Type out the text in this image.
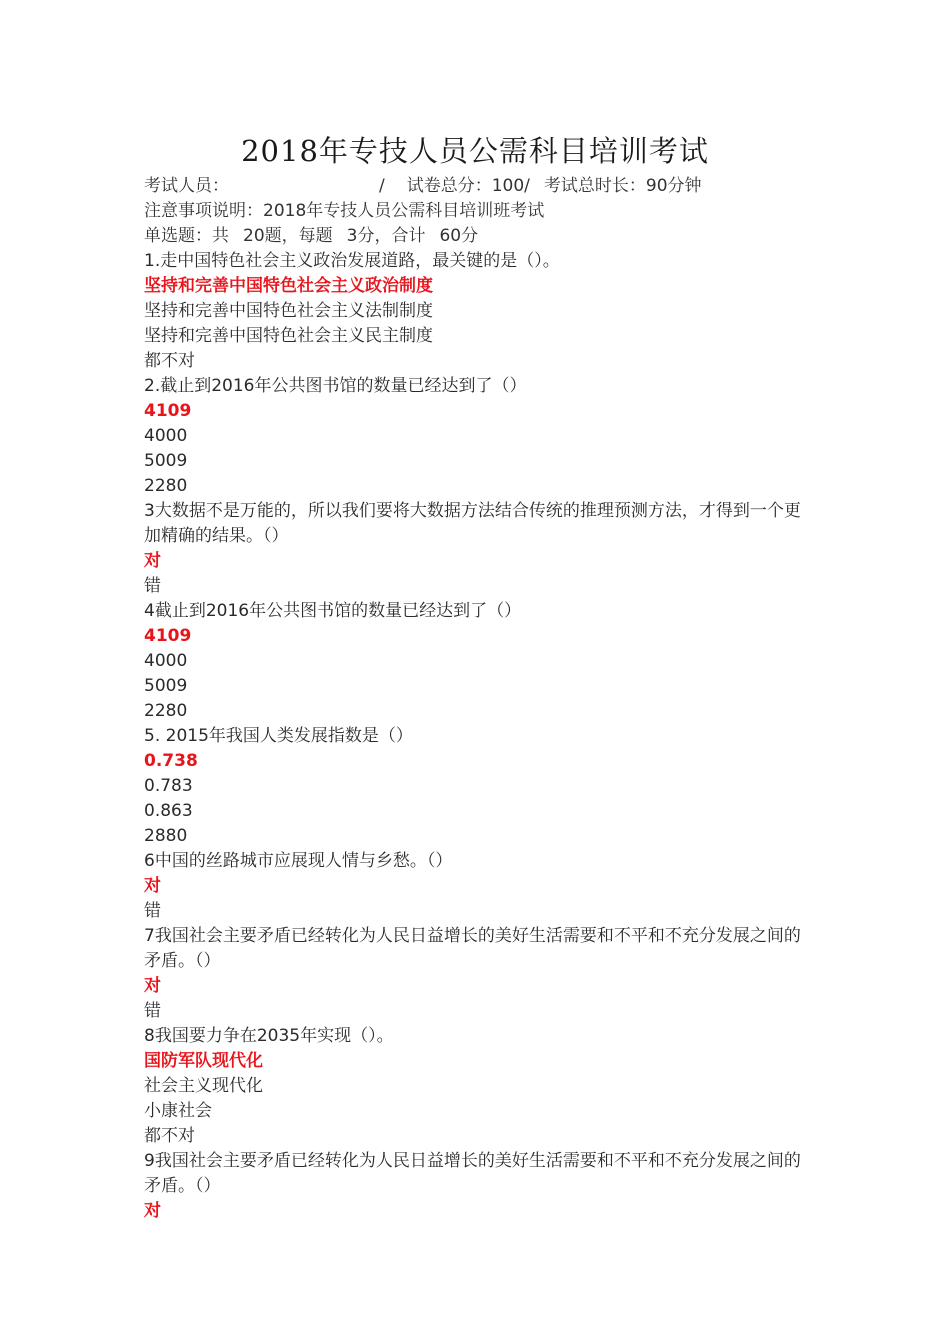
2018年专技人员公需科目培训考试
考试人员：	/ 试卷总分：100/ 考试总时长：90分钟
注意事项说明：2018年专技人员公需科目培训班考试
单选题：共 20题，每题 3分，合计 60分
1.走中国特色社会主义政治发展道路，最关键的是（）。
坚持和完善中国特色社会主义政治制度
坚持和完善中国特色社会主义法制制度
坚持和完善中国特色社会主义民主制度
都不对
2.截止到2016年公共图书馆的数量已经达到了（）
4109
4000
5009
2280
3大数据不是万能的，所以我们要将大数据方法结合传统的推理预测方法，才得到一个更加精确的结果。（）
对
错
4截止到2016年公共图书馆的数量已经达到了（）
4109
4000
5009
2280
5. 2015年我国人类发展指数是（）
0.738
0.783
0.863
2880
6中国的丝路城市应展现人情与乡愁。（）
对
错
7我国社会主要矛盾已经转化为人民日益增长的美好生活需要和不平和不充分发展之间的矛盾。（）
对
错
8我国要力争在2035年实现（）。
国防军队现代化
社会主义现代化
小康社会
都不对
9我国社会主要矛盾已经转化为人民日益增长的美好生活需要和不平和不充分发展之间的矛盾。（）
对
